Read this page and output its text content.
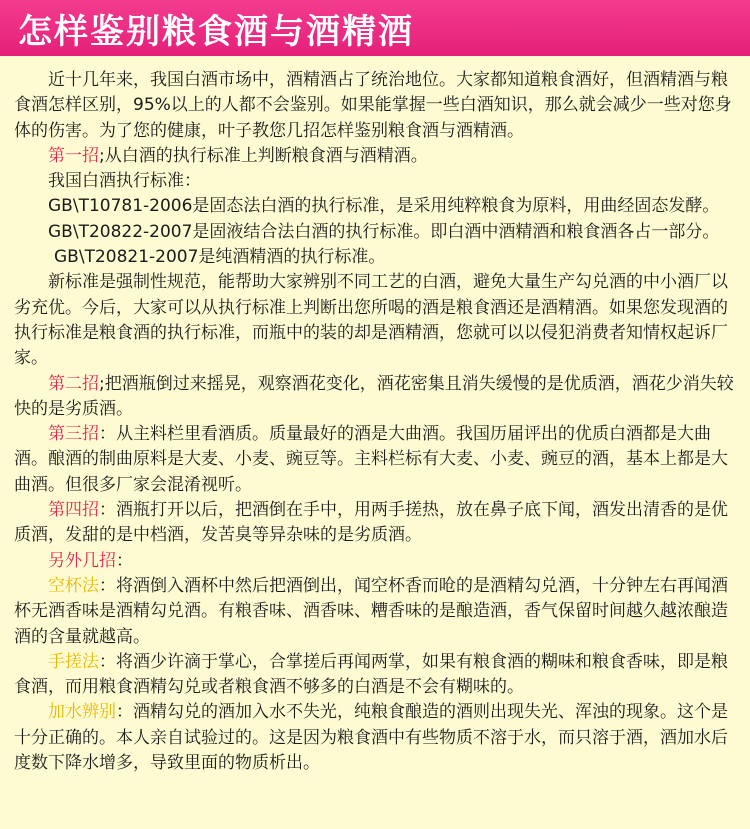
怎样鉴别粮食酒与酒精酒

近十几年来，我国白酒市场中，酒精酒占了统治地位。大家都知道粮食酒好，但酒精酒与粮食酒怎样区别，95%以上的人都不会鉴别。如果能掌握一些白酒知识，那么就会减少一些对您身体的伤害。为了您的健康，叶子教您几招怎样鉴别粮食酒与酒精酒。

第一招;从白酒的执行标准上判断粮食酒与酒精酒。

我国白酒执行标准：

GB\T10781-2006是固态法白酒的执行标准，是采用纯粹粮食为原料，用曲经固态发酵。

GB\T20822-2007是固液结合法白酒的执行标准。即白酒中酒精酒和粮食酒各占一部分。GB\T20821-2007是纯酒精酒的执行标准。

新标准是强制性规范，能帮助大家辨别不同工艺的白酒，避免大量生产勾兑酒的中小酒厂以劣充优。今后，大家可以从执行标准上判断出您所喝的酒是粮食酒还是酒精酒。如果您发现酒的执行标准是粮食酒的执行标准，而瓶中的装的却是酒精酒，您就可以以侵犯消费者知情权起诉厂家。

第二招;把酒瓶倒过来摇晃，观察酒花变化，酒花密集且消失缓慢的是优质酒，酒花少消失较快的是劣质酒。

第三招：从主料栏里看酒质。质量最好的酒是大曲酒。我国历届评出的优质白酒都是大曲酒。酿酒的制曲原料是大麦、小麦、豌豆等。主料栏标有大麦、小麦、豌豆的酒，基本上都是大曲酒。但很多厂家会混淆视听。

第四招：酒瓶打开以后，把酒倒在手中，用两手搓热，放在鼻子底下闻，酒发出清香的是优质酒，发甜的是中档酒，发苦臭等异杂味的是劣质酒。

另外几招：

空杯法：将酒倒入酒杯中然后把酒倒出，闻空杯香而呛的是酒精勾兑酒，十分钟左右再闻酒杯无酒香味是酒精勾兑酒。有粮香味、酒香味、糟香味的是酿造酒，香气保留时间越久越浓酿造酒的含量就越高。

手搓法：将酒少许滴于掌心，合掌搓后再闻两掌，如果有粮食酒的糊味和粮食香味，即是粮食酒，而用粮食酒精勾兑或者粮食酒不够多的白酒是不会有糊味的。

加水辨别：酒精勾兑的酒加入水不失光，纯粮食酿造的酒则出现失光、浑浊的现象。这个是十分正确的。本人亲自试验过的。这是因为粮食酒中有些物质不溶于水，而只溶于酒，酒加水后度数下降水增多，导致里面的物质析出。
